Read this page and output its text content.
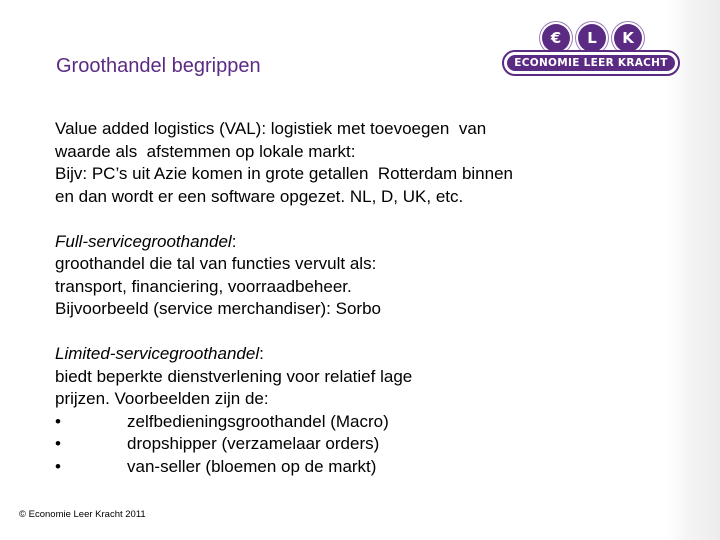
Groothandel begrippen
€	L	K
ECONOMIE LEER KRACHT
Value added logistics (VAL): logistiek met toevoegen  van
waarde als  afstemmen op lokale markt:
Bijv: PC’s uit Azie komen in grote getallen  Rotterdam binnen
en dan wordt er een software opgezet. NL, D, UK, etc.
Full-servicegroothandel:
groothandel die tal van functies vervult als:
transport, financiering, voorraadbeheer.
Bijvoorbeeld (service merchandiser): Sorbo
Limited-servicegroothandel:
biedt beperkte dienstverlening voor relatief lage
prijzen. Voorbeelden zijn de:
•	zelfbedieningsgroothandel (Macro)
•	dropshipper (verzamelaar orders)
•	van-seller (bloemen op de markt)
© Economie Leer Kracht 2011
